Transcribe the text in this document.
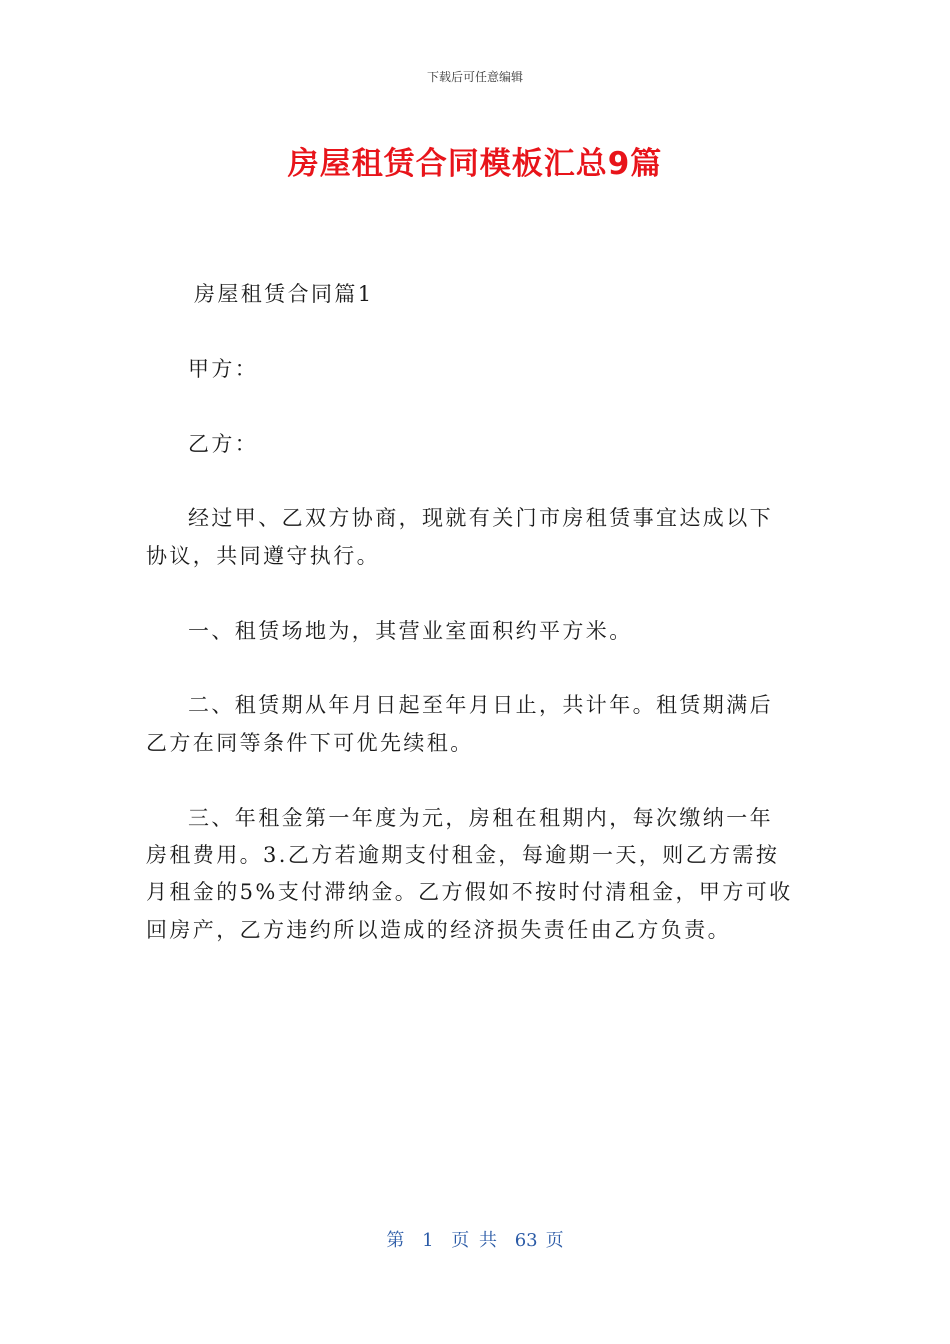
下载后可任意编辑
房屋租赁合同模板汇总9篇

房屋租赁合同篇1

甲方：

乙方：

经过甲、乙双方协商，现就有关门市房租赁事宜达成以下协议，共同遵守执行。

一、租赁场地为，其营业室面积约平方米。

二、租赁期从年月日起至年月日止，共计年。租赁期满后乙方在同等条件下可优先续租。

三、年租金第一年度为元，房租在租期内，每次缴纳一年房租费用。3.乙方若逾期支付租金，每逾期一天，则乙方需按月租金的5%支付滞纳金。乙方假如不按时付清租金，甲方可收回房产，乙方违约所以造成的经济损失责任由乙方负责。

第 1 页 共 63 页
